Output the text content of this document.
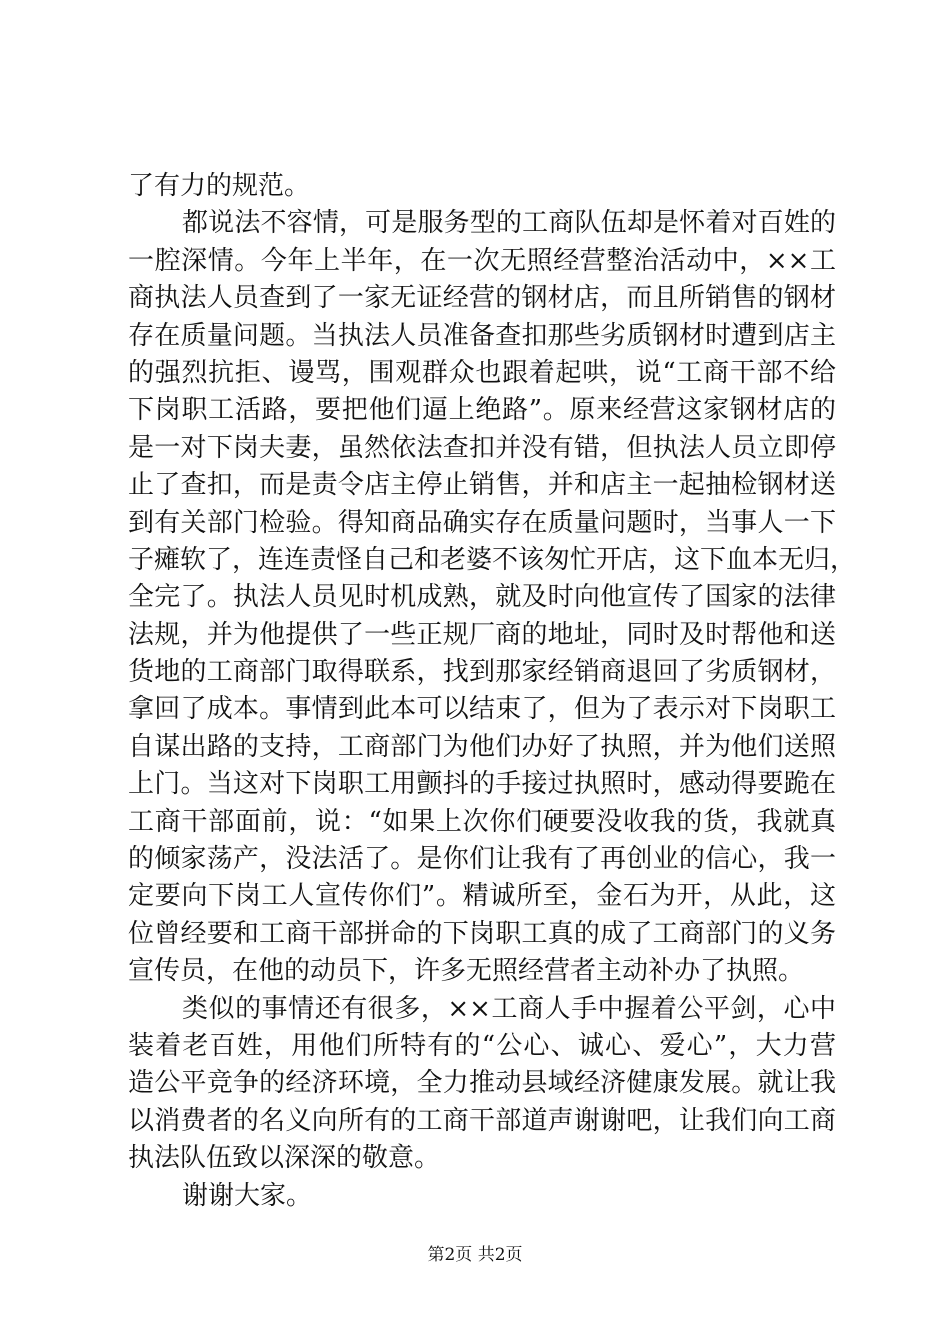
了有力的规范。
都说法不容情，可是服务型的工商队伍却是怀着对百姓的
一腔深情。今年上半年，在一次无照经营整治活动中，××工
商执法人员查到了一家无证经营的钢材店，而且所销售的钢材
存在质量问题。当执法人员准备查扣那些劣质钢材时遭到店主
的强烈抗拒、谩骂，围观群众也跟着起哄，说“工商干部不给
下岗职工活路，要把他们逼上绝路”。原来经营这家钢材店的
是一对下岗夫妻，虽然依法查扣并没有错，但执法人员立即停
止了查扣，而是责令店主停止销售，并和店主一起抽检钢材送
到有关部门检验。得知商品确实存在质量问题时，当事人一下
子瘫软了，连连责怪自己和老婆不该匆忙开店，这下血本无归，
全完了。执法人员见时机成熟，就及时向他宣传了国家的法律
法规，并为他提供了一些正规厂商的地址，同时及时帮他和送
货地的工商部门取得联系，找到那家经销商退回了劣质钢材，
拿回了成本。事情到此本可以结束了，但为了表示对下岗职工
自谋出路的支持，工商部门为他们办好了执照，并为他们送照
上门。当这对下岗职工用颤抖的手接过执照时，感动得要跪在
工商干部面前，说：“如果上次你们硬要没收我的货，我就真
的倾家荡产，没法活了。是你们让我有了再创业的信心，我一
定要向下岗工人宣传你们”。精诚所至，金石为开，从此，这
位曾经要和工商干部拼命的下岗职工真的成了工商部门的义务
宣传员，在他的动员下，许多无照经营者主动补办了执照。
类似的事情还有很多，××工商人手中握着公平剑，心中
装着老百姓，用他们所特有的“公心、诚心、爱心”，大力营
造公平竞争的经济环境，全力推动县域经济健康发展。就让我
以消费者的名义向所有的工商干部道声谢谢吧，让我们向工商
执法队伍致以深深的敬意。
谢谢大家。
第2页 共2页
